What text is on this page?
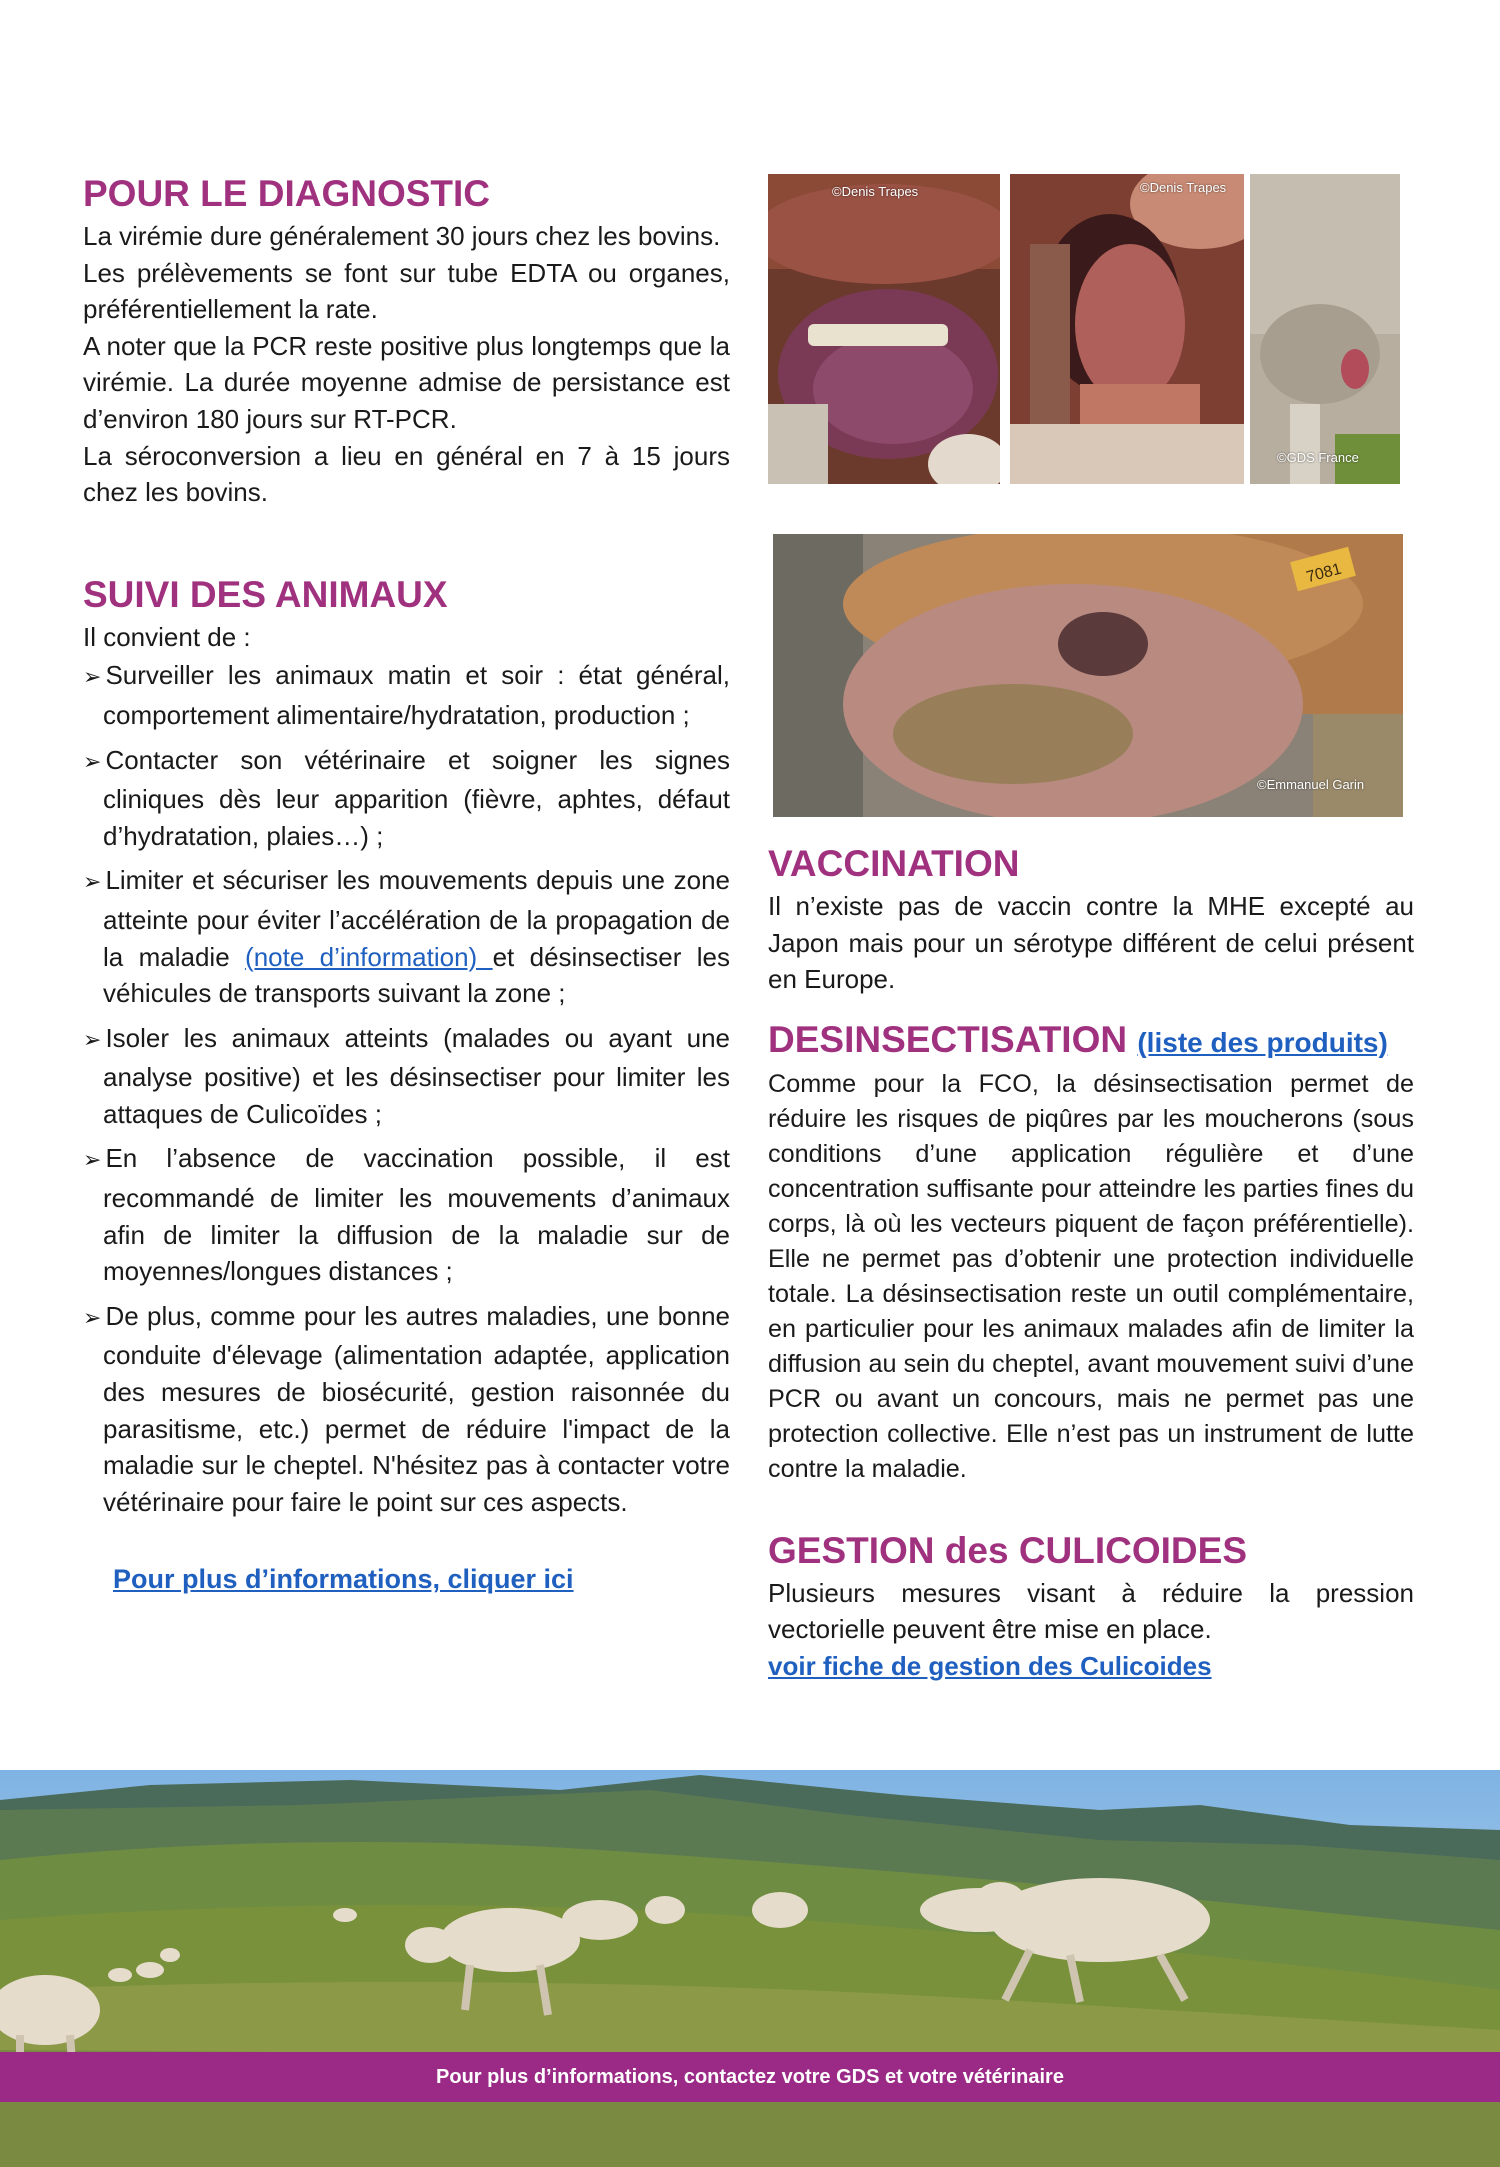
POUR LE DIAGNOSTIC

La virémie dure généralement 30 jours chez les bovins.

Les prélèvements se font sur tube EDTA ou organes, préférentiellement la rate.

A noter que la PCR reste positive plus longtemps que la virémie. La durée moyenne admise de persistance est d’environ 180 jours sur RT-PCR.

La séroconversion a lieu en général en 7 à 15 jours chez les bovins.

SUIVI DES ANIMAUX

Il convient de :

➢ Surveiller les animaux matin et soir : état général, comportement alimentaire/hydratation, production ;
➢ Contacter son vétérinaire et soigner les signes cliniques dès leur apparition (fièvre, aphtes, défaut d’hydratation, plaies…) ;
➢ Limiter et sécuriser les mouvements depuis une zone atteinte pour éviter l’accélération de la propagation de la maladie (note d’information) et désinsectiser les véhicules de transports suivant la zone ;
➢ Isoler les animaux atteints (malades ou ayant une analyse positive) et les désinsectiser pour limiter les attaques de Culicoïdes ;
➢ En l’absence de vaccination possible, il est recommandé de limiter les mouvements d’animaux afin de limiter la diffusion de la maladie sur de moyennes/longues distances ;
➢ De plus, comme pour les autres maladies, une bonne conduite d'élevage (alimentation adaptée, application des mesures de biosécurité, gestion raisonnée du parasitisme, etc.) permet de réduire l'impact de la maladie sur le cheptel. N'hésitez pas à contacter votre vétérinaire pour faire le point sur ces aspects.
Pour plus d’informations, cliquer ici
©Denis Trapes	©Denis Trapes
©GDS France
7081
©Emmanuel Garin
VACCINATION

Il n’existe pas de vaccin contre la MHE excepté au Japon mais pour un sérotype différent de celui présent en Europe.

DESINSECTISATION (liste des produits)

Comme pour la FCO, la désinsectisation permet de réduire les risques de piqûres par les moucherons (sous conditions d’une application régulière et d’une concentration suffisante pour atteindre les parties fines du corps, là où les vecteurs piquent de façon préférentielle). Elle ne permet pas d’obtenir une protection individuelle totale. La désinsectisation reste un outil complémentaire, en particulier pour les animaux malades afin de limiter la diffusion au sein du cheptel, avant mouvement suivi d’une PCR ou avant un concours, mais ne permet pas une protection collective. Elle n’est pas un instrument de lutte contre la maladie.

GESTION des CULICOIDES

Plusieurs mesures visant à réduire la pression vectorielle peuvent être mise en place.

voir fiche de gestion des Culicoides

Pour plus d’informations, contactez votre GDS et votre vétérinaire
